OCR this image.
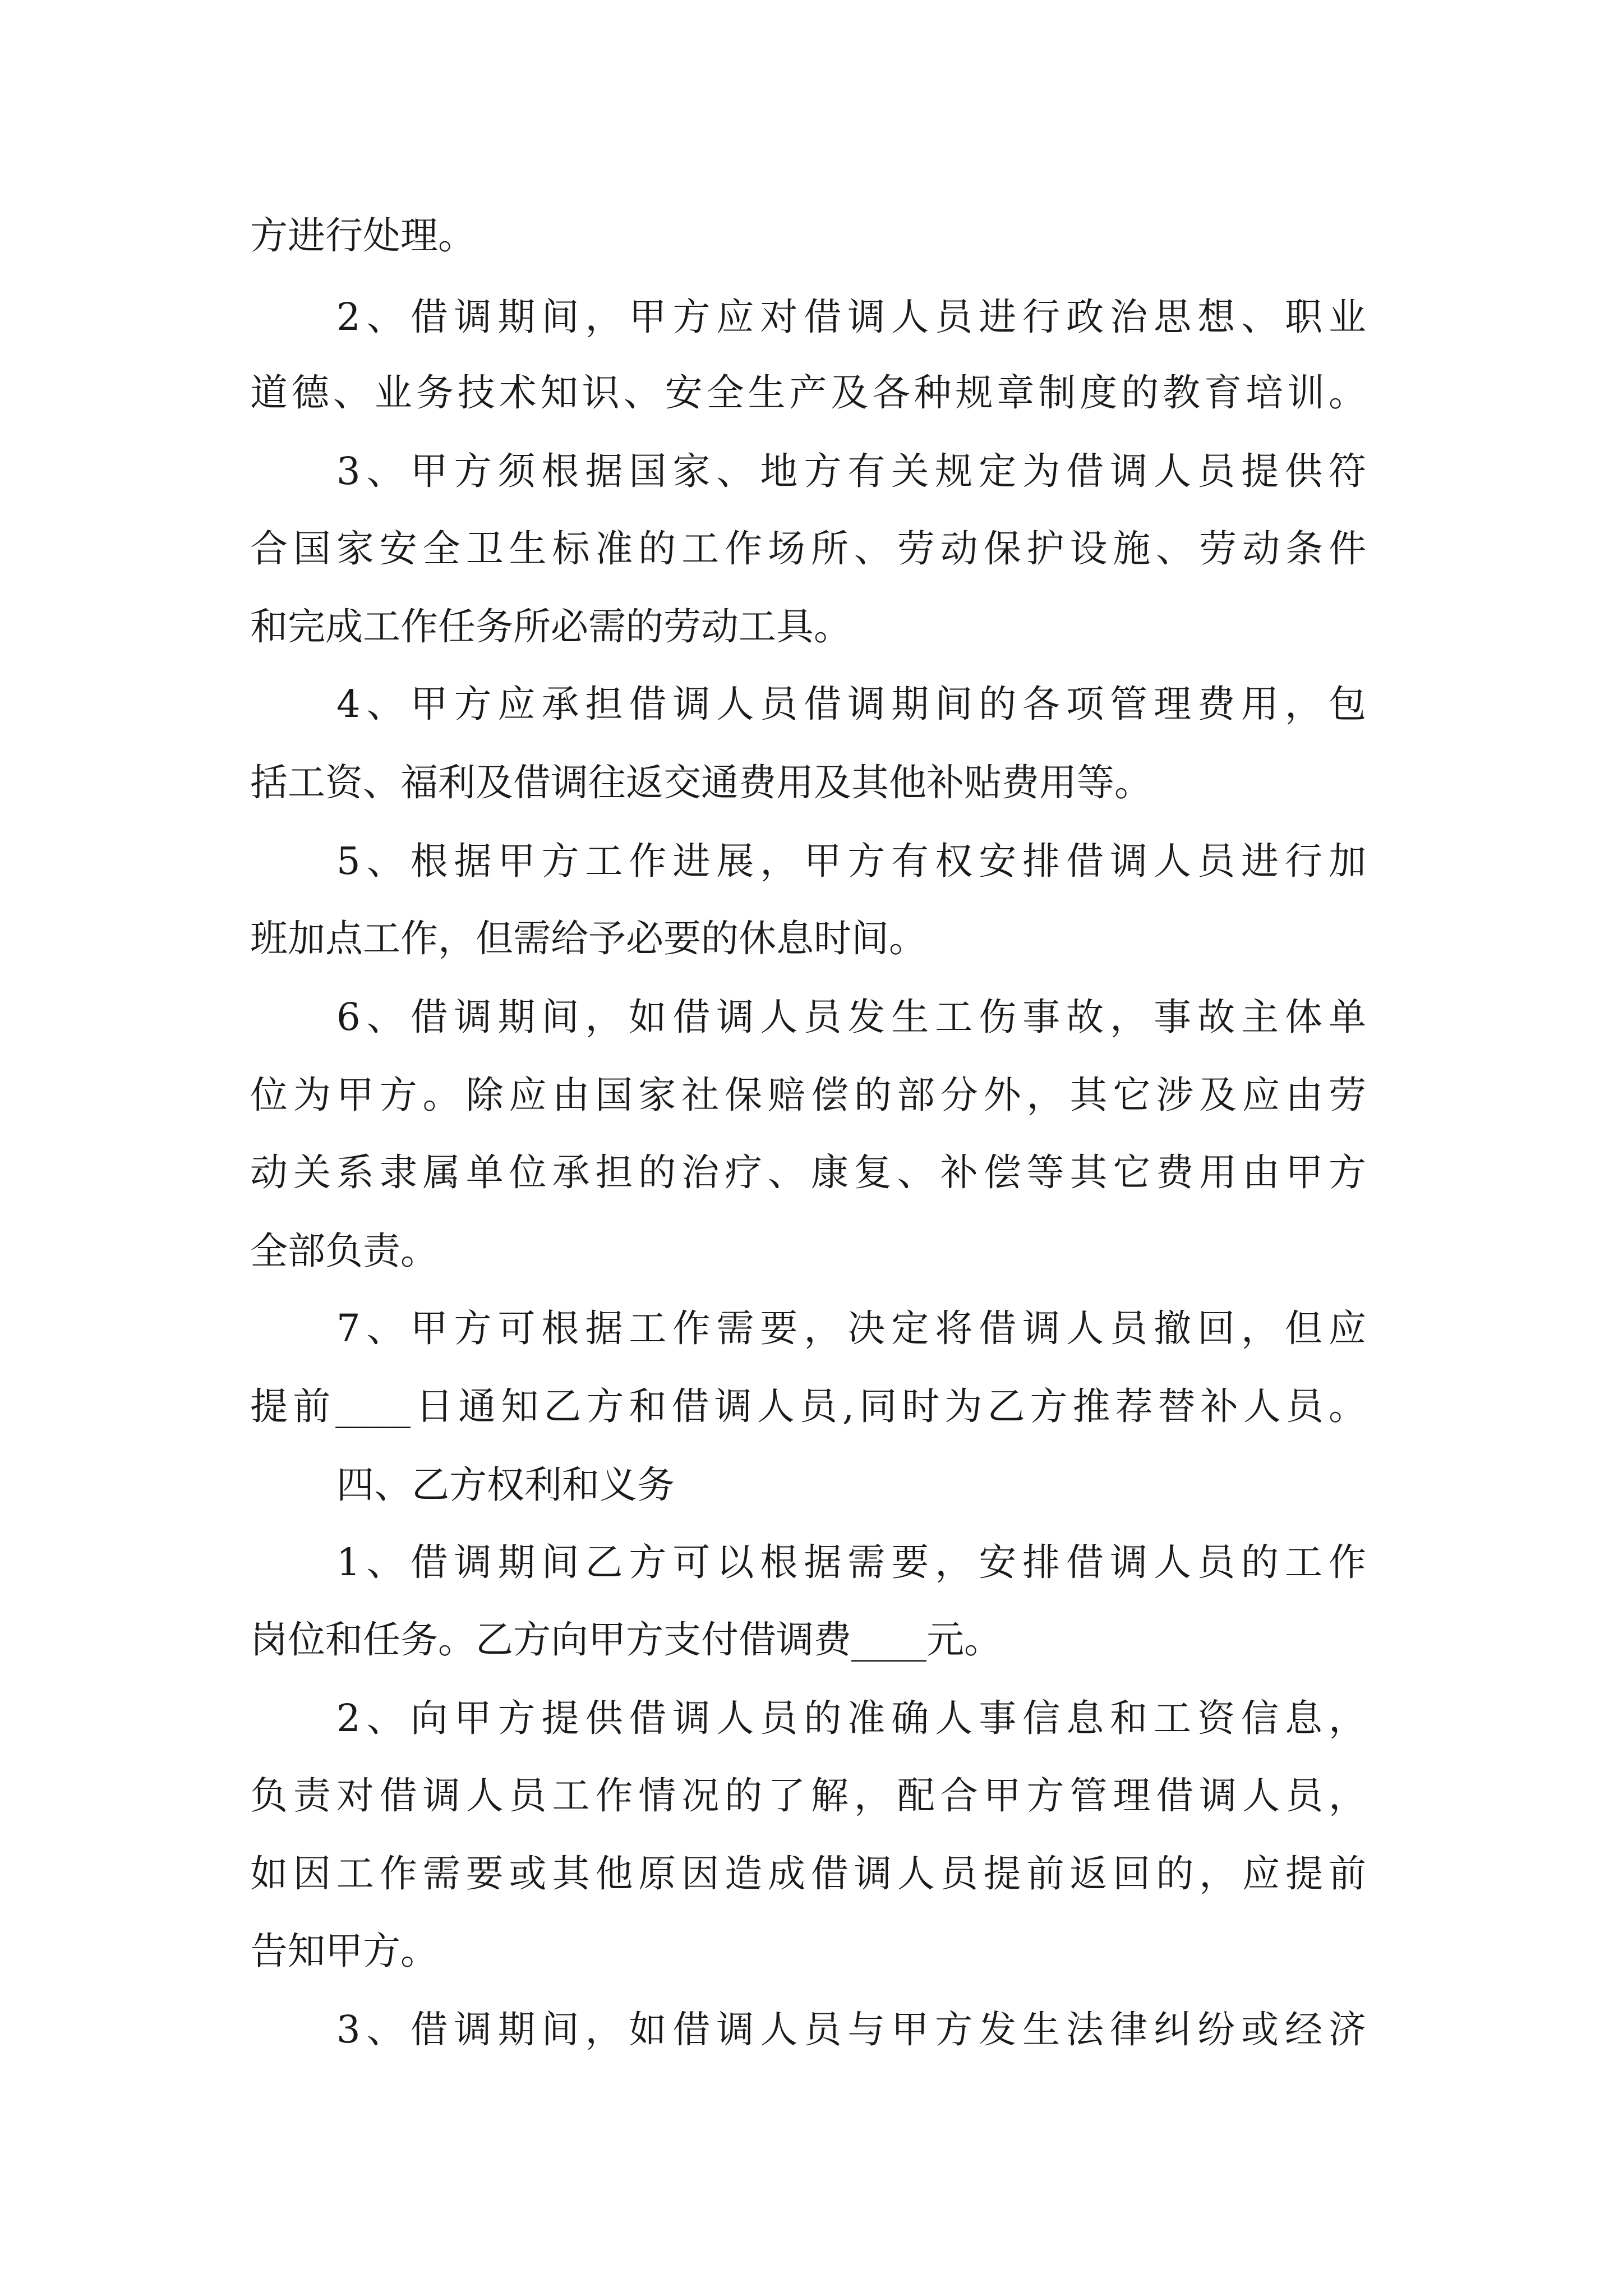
方进行处理。

2、借调期间，甲方应对借调人员进行政治思想、职业

道德、业务技术知识、安全生产及各种规章制度的教育培训。

3、甲方须根据国家、地方有关规定为借调人员提供符

合国家安全卫生标准的工作场所、劳动保护设施、劳动条件

和完成工作任务所必需的劳动工具。

4、甲方应承担借调人员借调期间的各项管理费用，包

括工资、福利及借调往返交通费用及其他补贴费用等。

5、根据甲方工作进展，甲方有权安排借调人员进行加

班加点工作，但需给予必要的休息时间。

6、借调期间，如借调人员发生工伤事故，事故主体单

位为甲方。除应由国家社保赔偿的部分外，其它涉及应由劳

动关系隶属单位承担的治疗、康复、补偿等其它费用由甲方

全部负责。

7、甲方可根据工作需要，决定将借调人员撤回，但应

提前____日通知乙方和借调人员,同时为乙方推荐替补人员。

四、乙方权利和义务

1、借调期间乙方可以根据需要，安排借调人员的工作

岗位和任务。乙方向甲方支付借调费____元。

2、向甲方提供借调人员的准确人事信息和工资信息，

负责对借调人员工作情况的了解，配合甲方管理借调人员，

如因工作需要或其他原因造成借调人员提前返回的，应提前

告知甲方。

3、借调期间，如借调人员与甲方发生法律纠纷或经济
